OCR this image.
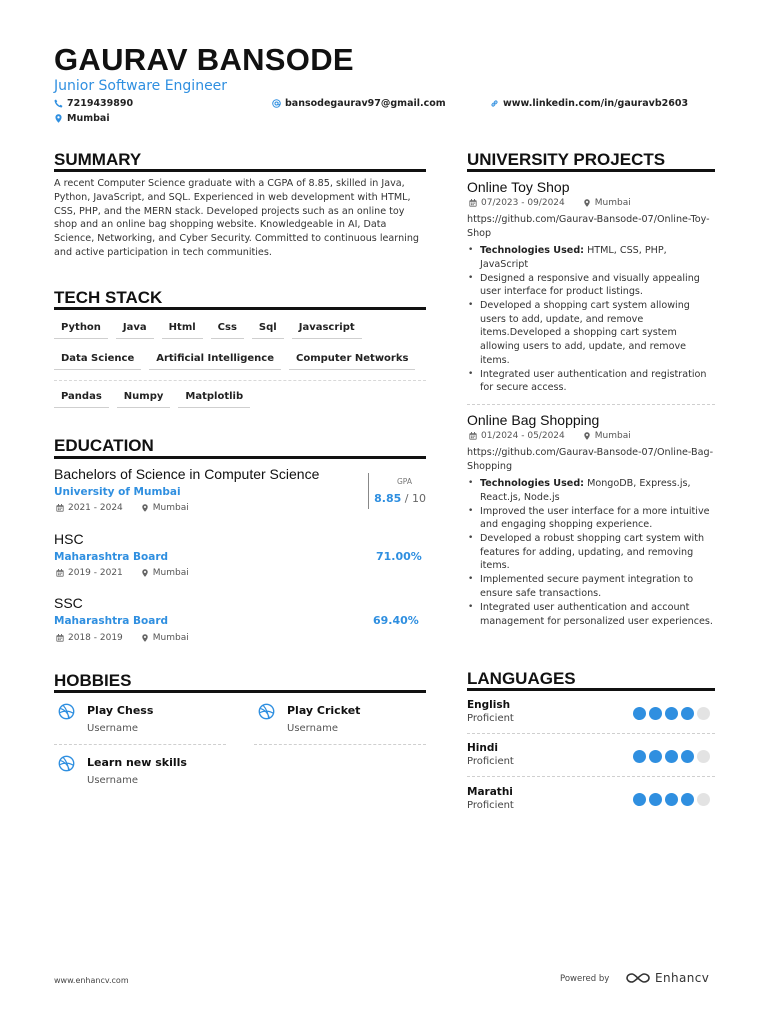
GAURAV BANSODE
Junior Software Engineer
7219439890	bansodegaurav97@gmail.com	www.linkedin.com/in/gauravb2603
Mumbai
SUMMARY
A recent Computer Science graduate with a CGPA of 8.85, skilled in Java, Python, JavaScript, and SQL. Experienced in web development with HTML, CSS, PHP, and the MERN stack. Developed projects such as an online toy shop and an online bag shopping website. Knowledgeable in AI, Data Science, Networking, and Cyber Security. Committed to continuous learning and active participation in tech communities.
TECH STACK
Python	Java	Html	Css	Sql	Javascript
Data Science	Artificial Intelligence	Computer Networks
Pandas	Numpy	Matplotlib
EDUCATION
Bachelors of Science in Computer Science
University of Mumbai
2021 - 2024	Mumbai
GPA
8.85 / 10
HSC
Maharashtra Board	71.00%
2019 - 2021	Mumbai
SSC
Maharashtra Board	69.40%
2018 - 2019	Mumbai
HOBBIES
Play Chess
Username
Play Cricket
Username
Learn new skills
Username
UNIVERSITY PROJECTS
Online Toy Shop
07/2023 - 09/2024	Mumbai
https://github.com/Gaurav-Bansode-07/Online-Toy-Shop
• Technologies Used: HTML, CSS, PHP, JavaScript
• Designed a responsive and visually appealing user interface for product listings.
• Developed a shopping cart system allowing users to add, update, and remove items.Developed a shopping cart system allowing users to add, update, and remove items.
• Integrated user authentication and registration for secure access.
Online Bag Shopping
01/2024 - 05/2024	Mumbai
https://github.com/Gaurav-Bansode-07/Online-Bag-Shopping
• Technologies Used: MongoDB, Express.js, React.js, Node.js
• Improved the user interface for a more intuitive and engaging shopping experience.
• Developed a robust shopping cart system with features for adding, updating, and removing items.
• Implemented secure payment integration to ensure safe transactions.
• Integrated user authentication and account management for personalized user experiences.
LANGUAGES
English
Proficient
Hindi
Proficient
Marathi
Proficient
www.enhancv.com	Powered by	Enhancv
